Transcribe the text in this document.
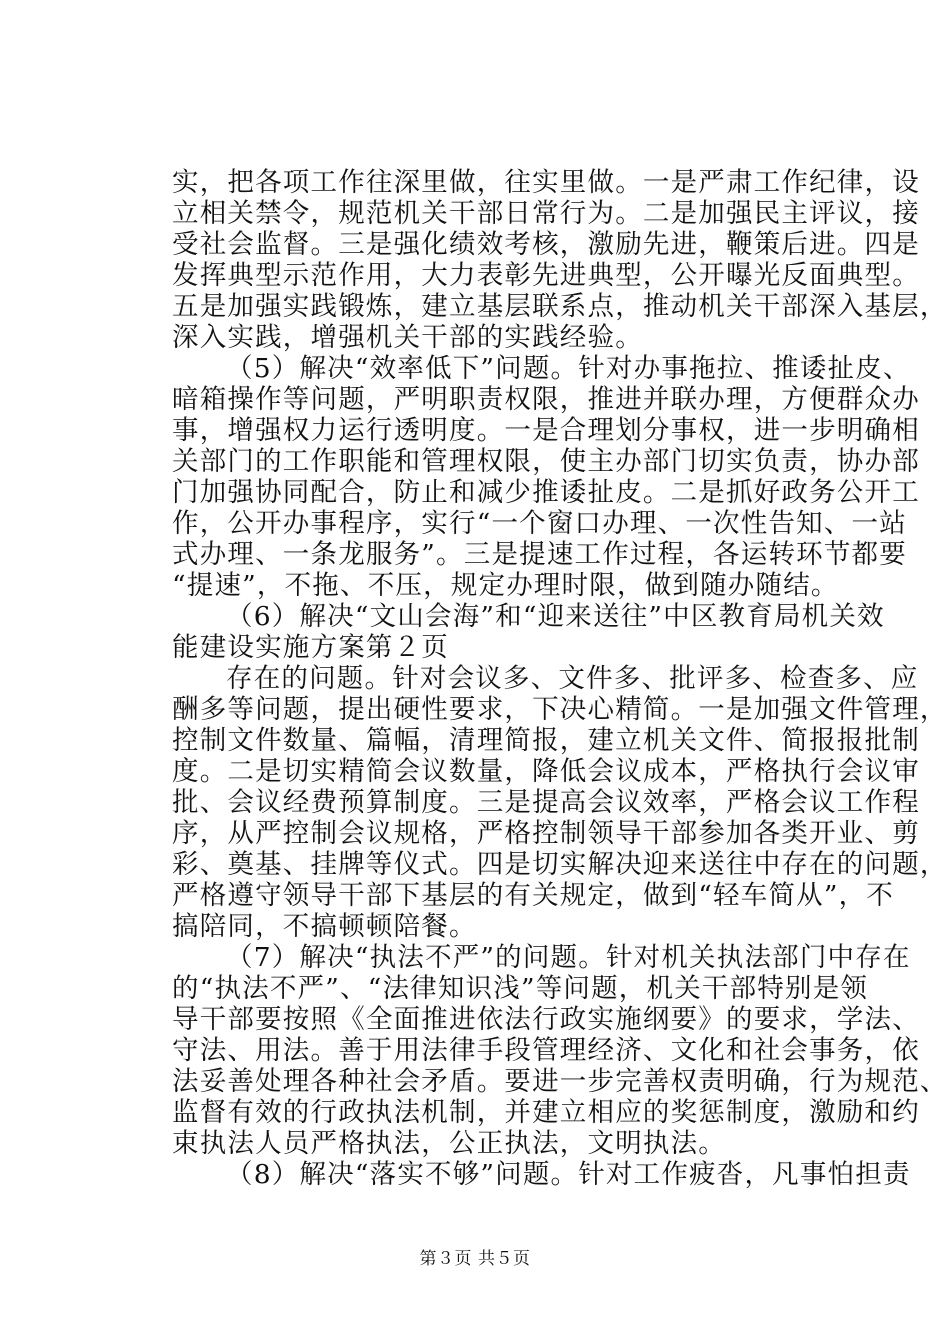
实，把各项工作往深里做，往实里做。一是严肃工作纪律，设
立相关禁令，规范机关干部日常行为。二是加强民主评议，接
受社会监督。三是强化绩效考核，激励先进，鞭策后进。四是
发挥典型示范作用，大力表彰先进典型，公开曝光反面典型。
五是加强实践锻炼，建立基层联系点，推动机关干部深入基层，
深入实践，增强机关干部的实践经验。
（5）解决“效率低下”问题。针对办事拖拉、推诿扯皮、
暗箱操作等问题，严明职责权限，推进并联办理，方便群众办
事，增强权力运行透明度。一是合理划分事权，进一步明确相
关部门的工作职能和管理权限，使主办部门切实负责，协办部
门加强协同配合，防止和减少推诿扯皮。二是抓好政务公开工
作，公开办事程序，实行“一个窗口办理、一次性告知、一站
式办理、一条龙服务”。三是提速工作过程，各运转环节都要
“提速”，不拖、不压，规定办理时限，做到随办随结。
（6）解决“文山会海”和“迎来送往”中区教育局机关效
能建设实施方案第２页
存在的问题。针对会议多、文件多、批评多、检查多、应
酬多等问题，提出硬性要求，下决心精简。一是加强文件管理，
控制文件数量、篇幅，清理简报，建立机关文件、简报报批制
度。二是切实精简会议数量，降低会议成本，严格执行会议审
批、会议经费预算制度。三是提高会议效率，严格会议工作程
序，从严控制会议规格，严格控制领导干部参加各类开业、剪
彩、奠基、挂牌等仪式。四是切实解决迎来送往中存在的问题，
严格遵守领导干部下基层的有关规定，做到“轻车简从”，不
搞陪同，不搞顿顿陪餐。
（7）解决“执法不严”的问题。针对机关执法部门中存在
的“执法不严”、“法律知识浅”等问题，机关干部特别是领
导干部要按照《全面推进依法行政实施纲要》的要求，学法、
守法、用法。善于用法律手段管理经济、文化和社会事务，依
法妥善处理各种社会矛盾。要进一步完善权责明确，行为规范、
监督有效的行政执法机制，并建立相应的奖惩制度，激励和约
束执法人员严格执法，公正执法，文明执法。
（8）解决“落实不够”问题。针对工作疲沓，凡事怕担责
第３页 共５页
